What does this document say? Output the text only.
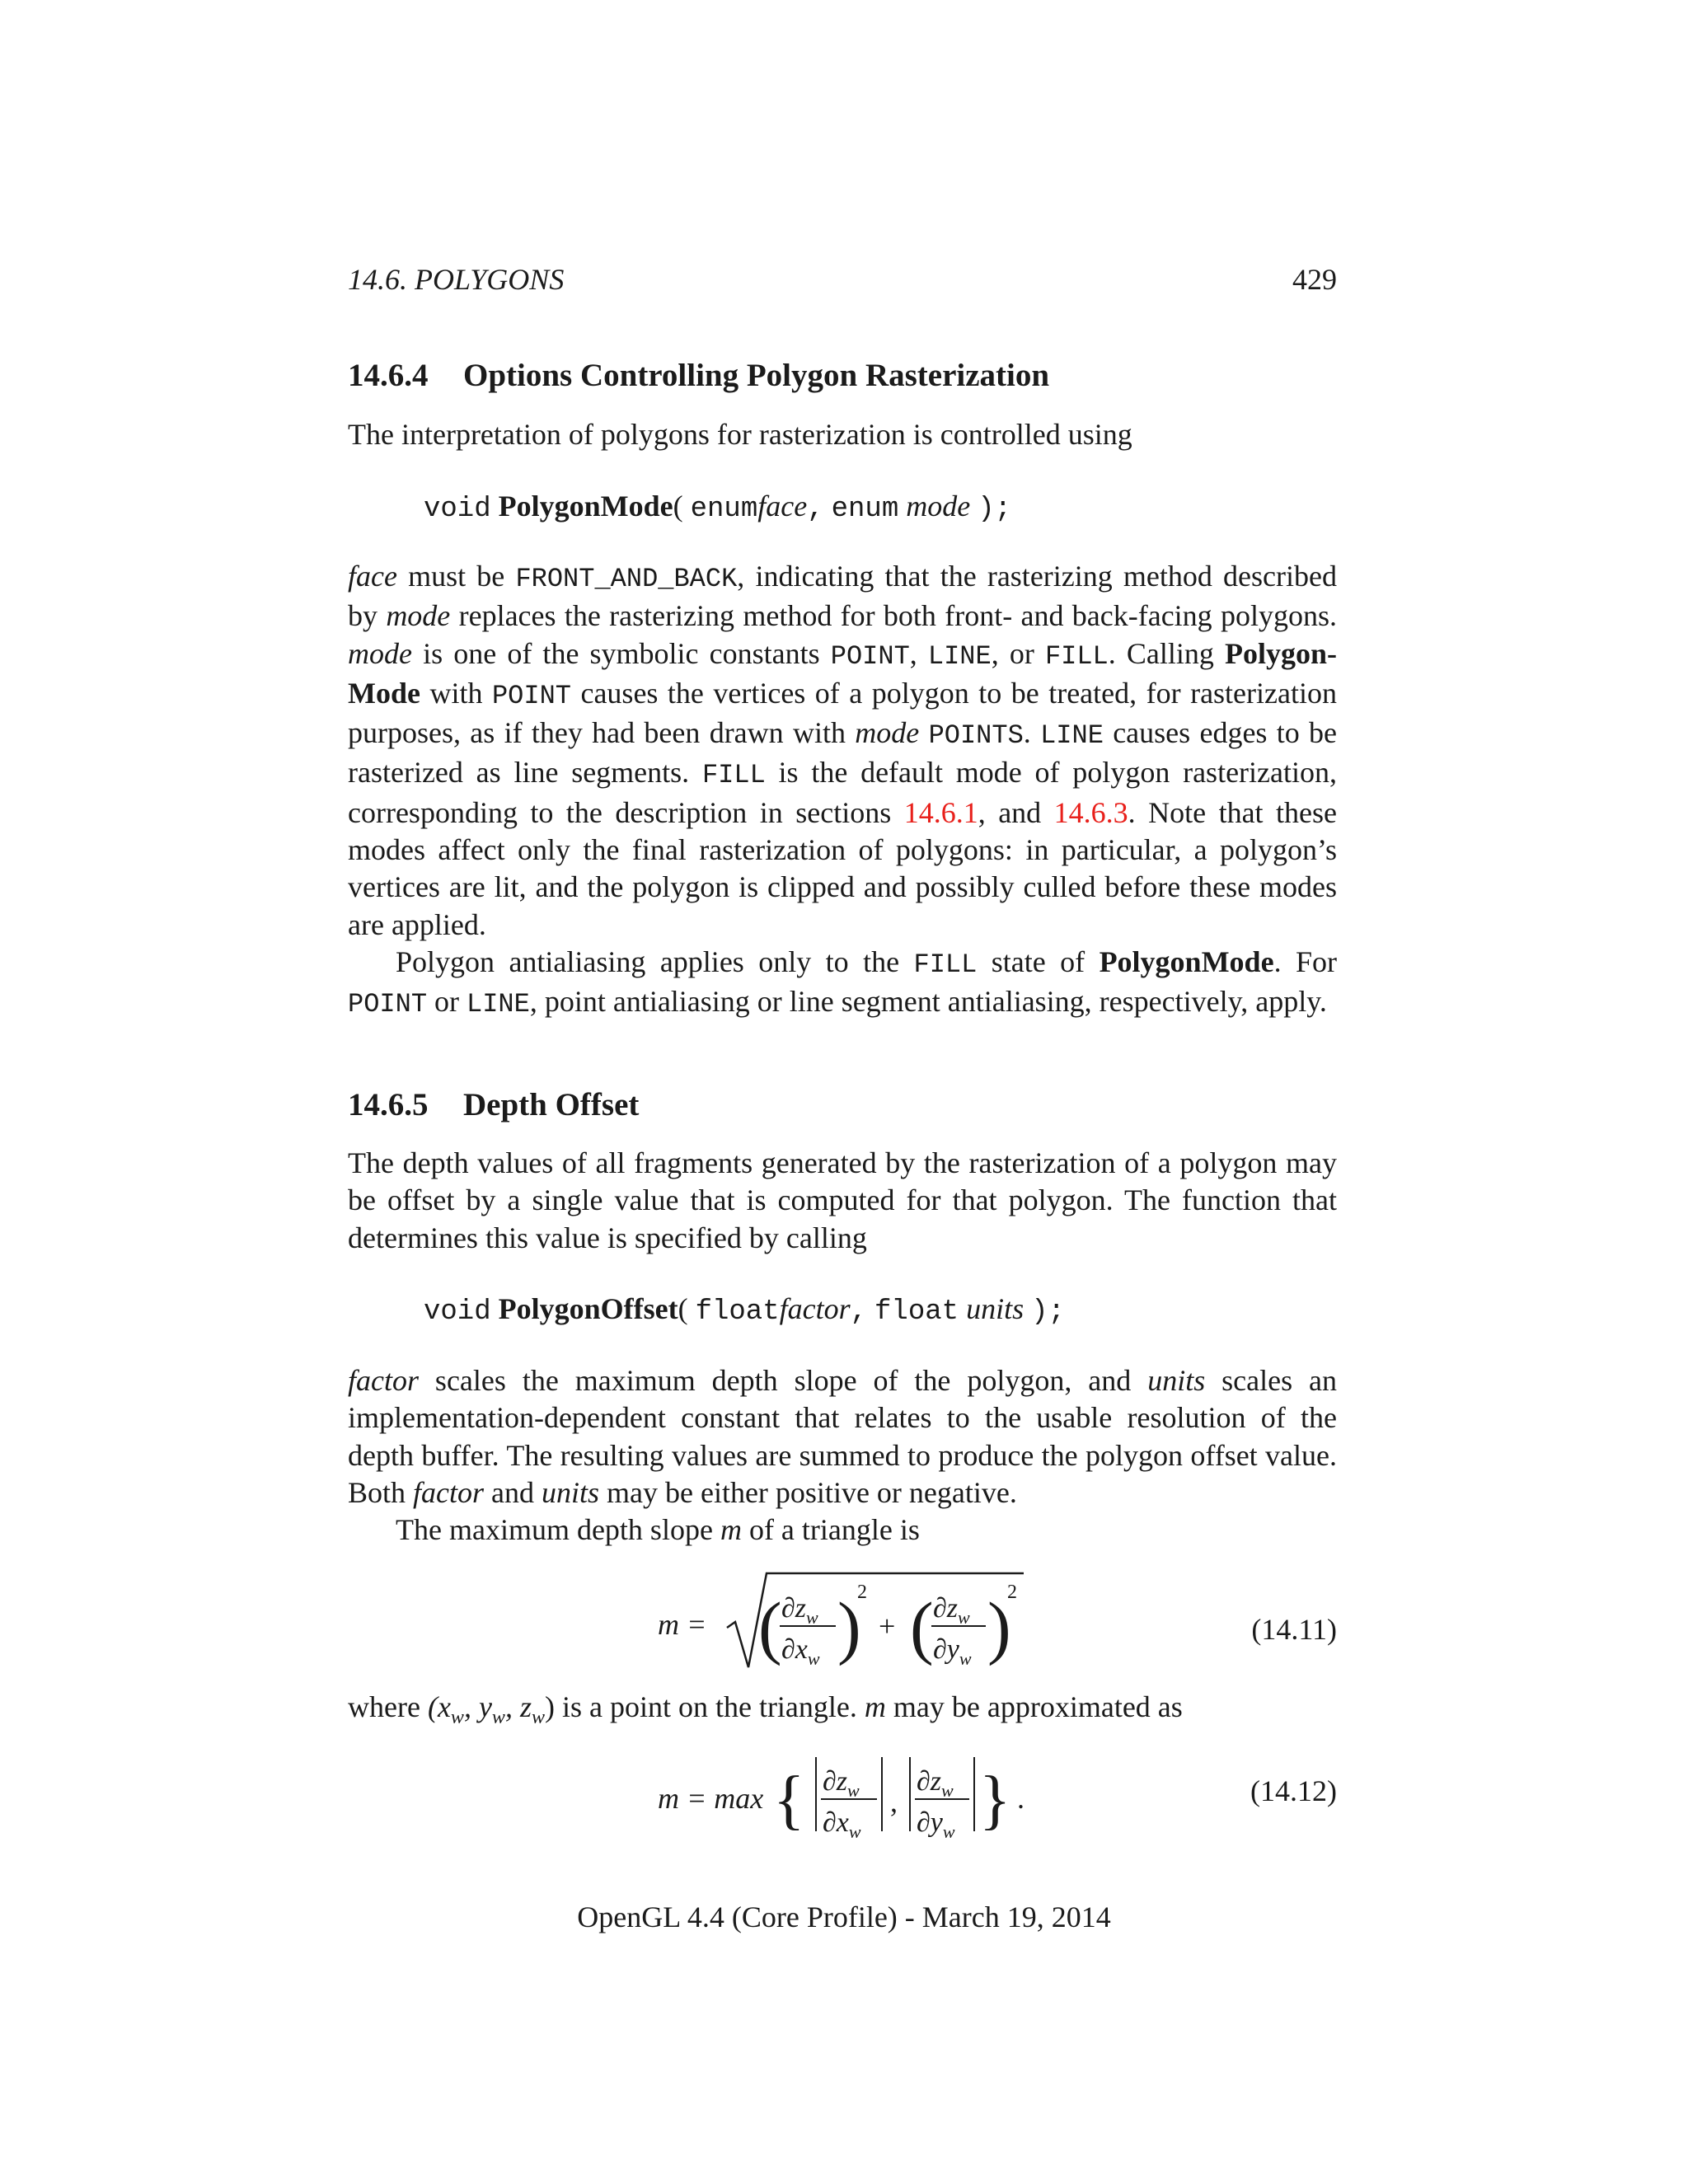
14.6. POLYGONS	429
14.6.4 Options Controlling Polygon Rasterization
The interpretation of polygons for rasterization is controlled using
void PolygonMode( enumface, enum mode );

face must be FRONT_AND_BACK, indicating that the rasterizing method described by mode replaces the rasterizing method for both front- and back-facing polygons. mode is one of the symbolic constants POINT, LINE, or FILL. Calling Polygon-Mode with POINT causes the vertices of a polygon to be treated, for rasterization purposes, as if they had been drawn with mode POINTS. LINE causes edges to be rasterized as line segments. FILL is the default mode of polygon rasterization, corresponding to the description in sections 14.6.1, and 14.6.3. Note that these modes affect only the final rasterization of polygons: in particular, a polygon’s vertices are lit, and the polygon is clipped and possibly culled before these modes are applied.

Polygon antialiasing applies only to the FILL state of PolygonMode. For POINT or LINE, point antialiasing or line segment antialiasing, respectively, apply.

14.6.5 Depth Offset
The depth values of all fragments generated by the rasterization of a polygon may be offset by a single value that is computed for that polygon. The function that determines this value is specified by calling
void PolygonOffset( floatfactor, float units );

factor scales the maximum depth slope of the polygon, and units scales an implementation-dependent constant that relates to the usable resolution of the depth buffer. The resulting values are summed to produce the polygon offset value. Both factor and units may be either positive or negative.

The maximum depth slope m of a triangle is

m = ( $\partial z_w$
$\partial x_w$ )
2
+ ( $\partial z_w$
$\partial y_w$ )
2
(14.11)
where ($x_w$, $y_w$, $z_w$) is a point on the triangle. m may be approximated as
m = max { $\partial z_w$
$\partial x_w$
,
$\partial z_w$
$\partial y_w$ } .	(14.12)
OpenGL 4.4 (Core Profile) - March 19, 2014
